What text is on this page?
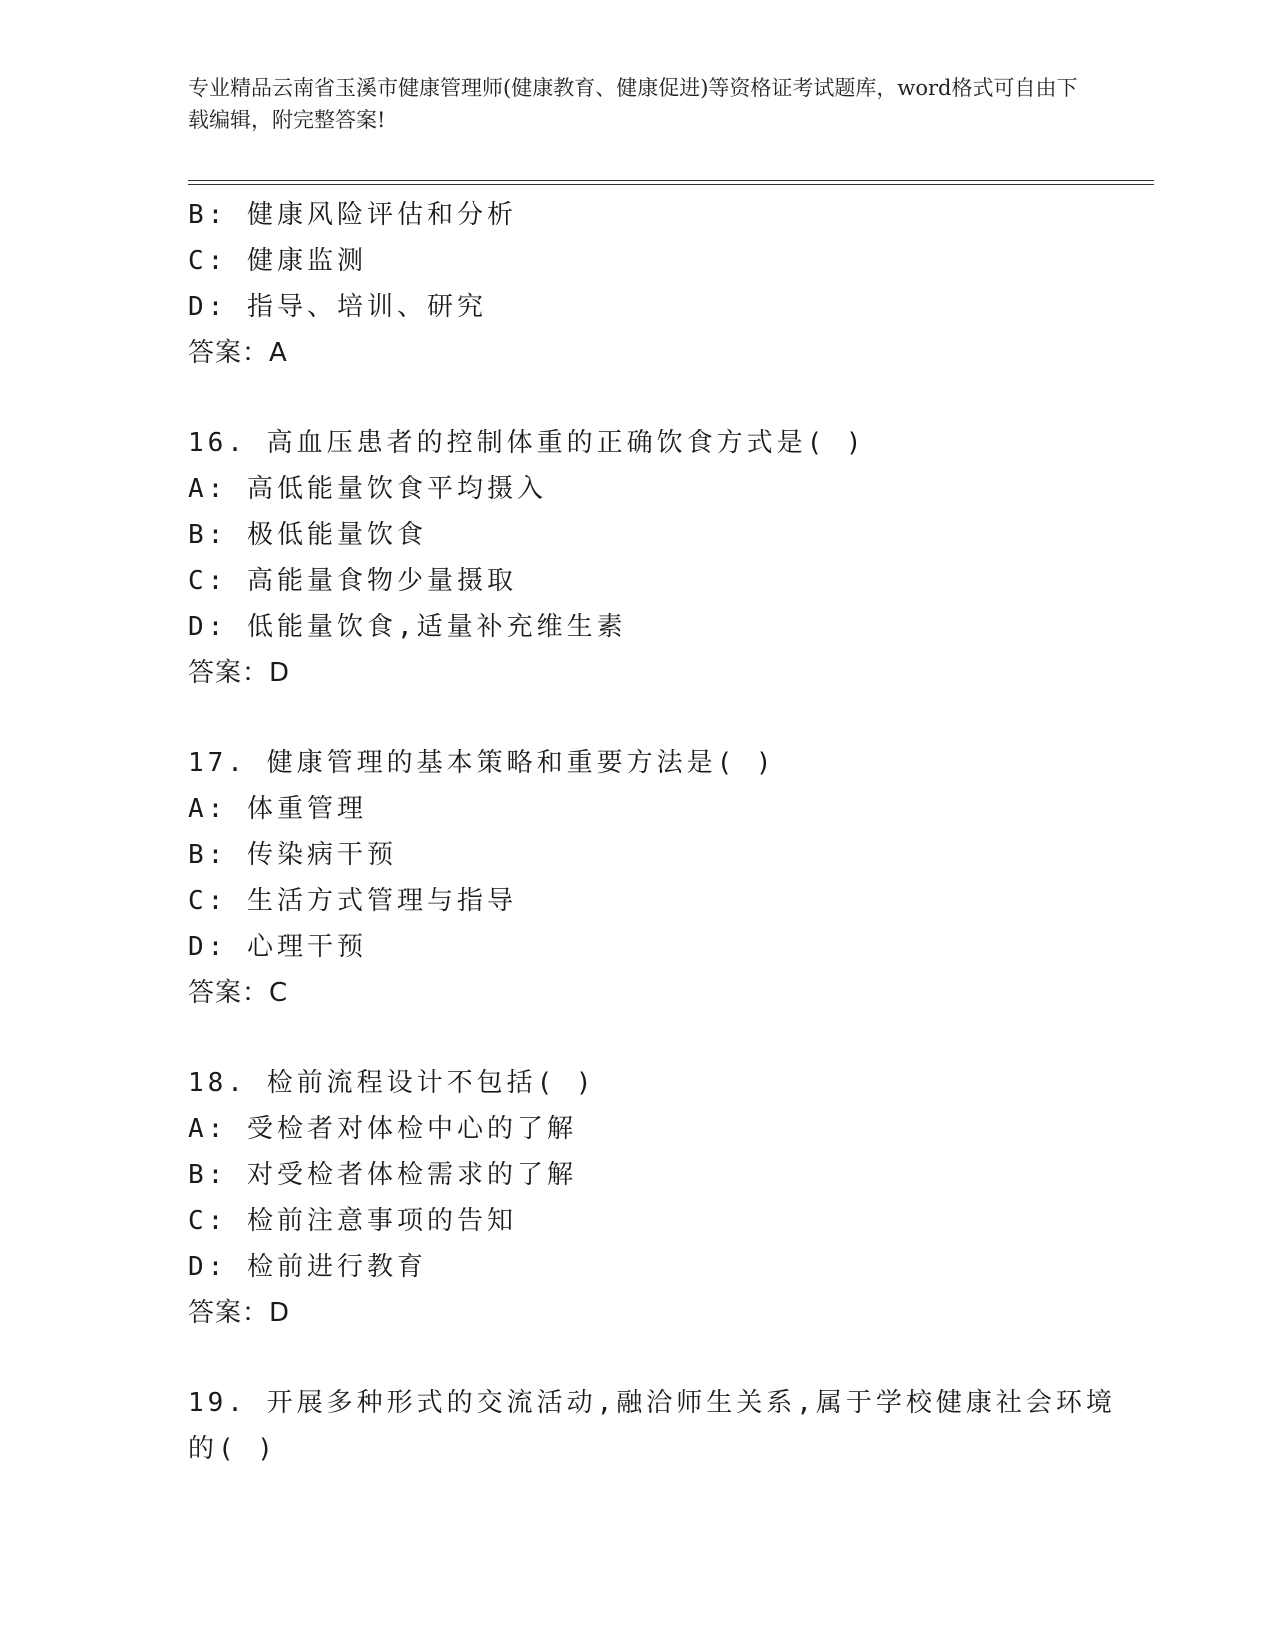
专业精品云南省玉溪市健康管理师(健康教育、健康促进)等资格证考试题库，word格式可自由下载编辑，附完整答案!
B: 健康风险评估和分析
C: 健康监测
D: 指导、培训、研究
答案：A
16. 高血压患者的控制体重的正确饮食方式是( )
A: 高低能量饮食平均摄入
B: 极低能量饮食
C: 高能量食物少量摄取
D: 低能量饮食,适量补充维生素
答案：D
17. 健康管理的基本策略和重要方法是( )
A: 体重管理
B: 传染病干预
C: 生活方式管理与指导
D: 心理干预
答案：C
18. 检前流程设计不包括( )
A: 受检者对体检中心的了解
B: 对受检者体检需求的了解
C: 检前注意事项的告知
D: 检前进行教育
答案：D
19. 开展多种形式的交流活动,融洽师生关系,属于学校健康社会环境
的( )
